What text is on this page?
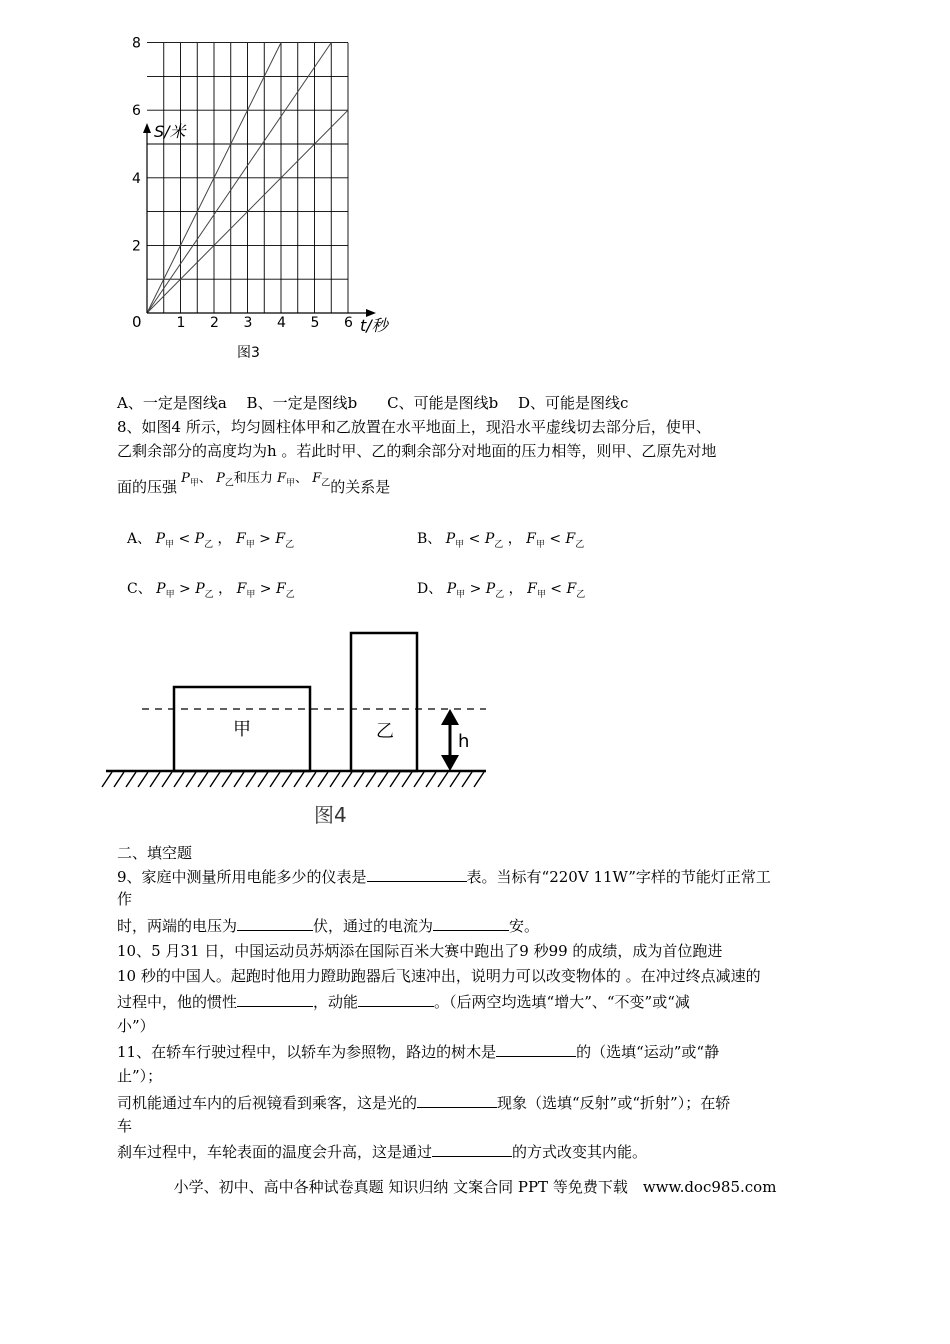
2
4
6
8
1 2 3 4 5 6
S/米
t/秒
0
图3
A、一定是图线a　 B、一定是图线b　　C、可能是图线b　 D、可能是图线c
8、如图4 所示，均匀圆柱体甲和乙放置在水平地面上，现沿水平虚线切去部分后，使甲、
乙剩余部分的高度均为h 。若此时甲、乙的剩余部分对地面的压力相等，则甲、乙原先对地
面的压强 $P_甲$、 $P_乙$和压力 $F_甲$、 $F_乙$的关系是
A、 $P_甲 < P_乙$ ， $F_甲 > F_乙$	B、 $P_甲 < P_乙$ ， $F_甲 < F_乙$
C、 $P_甲 > P_乙$ ， $F_甲 > F_乙$	D、 $P_甲 > P_乙$ ， $F_甲 < F_乙$
甲	乙	h
图4
二、填空题
9、家庭中测量所用电能多少的仪表是	表。当标有“220V 11W”字样的节能灯正常工
作
时，两端的电压为	伏，通过的电流为	安。
10、5 月31 日，中国运动员苏炳添在国际百米大赛中跑出了9 秒99 的成绩，成为首位跑进
10 秒的中国人。起跑时他用力蹬助跑器后飞速冲出，说明力可以改变物体的 。在冲过终点减速的
过程中，他的惯性	，动能	。（后两空均选填“增大”、“不变”或“减
小”）
11、在轿车行驶过程中，以轿车为参照物，路边的树木是	的（选填“运动”或“静
止”）；
司机能通过车内的后视镜看到乘客，这是光的	现象（选填“反射”或“折射”）；在轿
车
刹车过程中，车轮表面的温度会升高，这是通过	的方式改变其内能。
小学、初中、高中各种试卷真题 知识归纳 文案合同 PPT 等免费下载　www.doc985.com
